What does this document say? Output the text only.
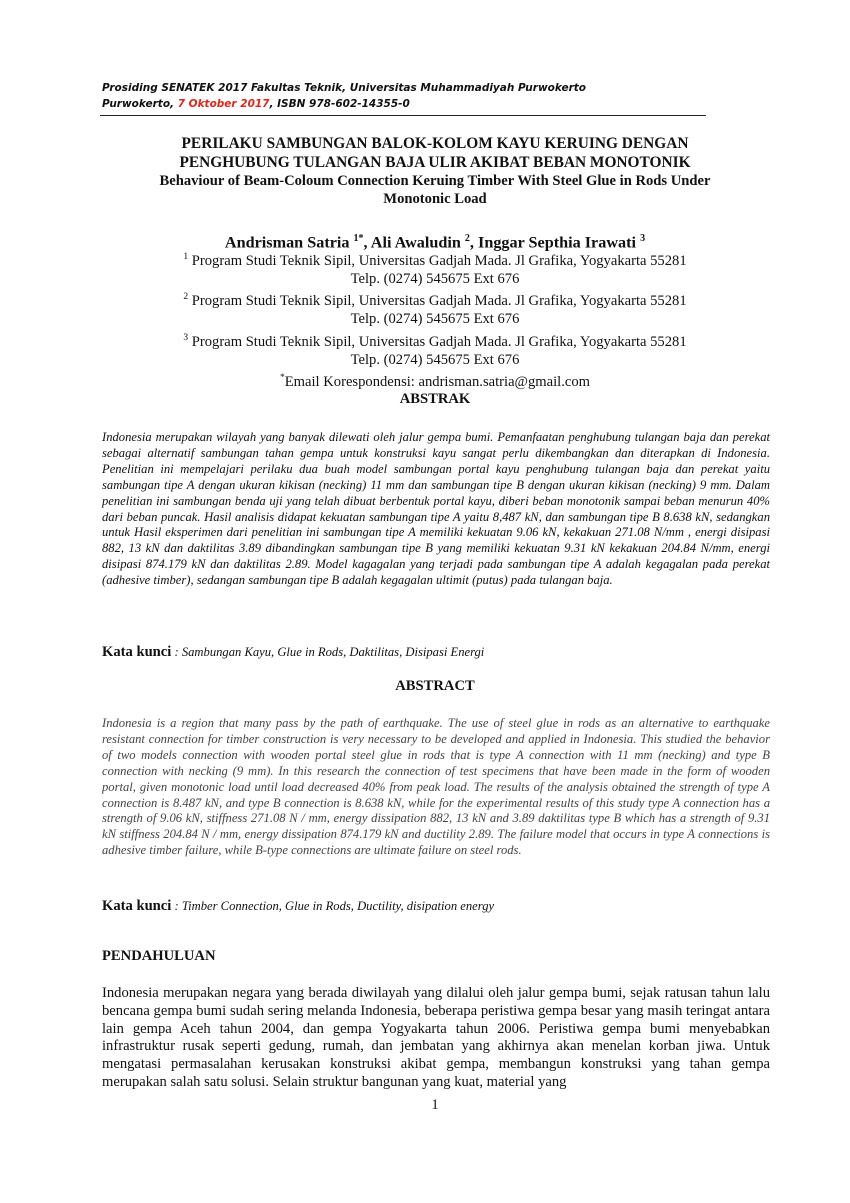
Prosiding SENATEK 2017 Fakultas Teknik, Universitas Muhammadiyah Purwokerto
Purwokerto, 7 Oktober 2017, ISBN 978-602-14355-0

PERILAKU SAMBUNGAN BALOK-KOLOM KAYU KERUING DENGAN

PENGHUBUNG TULANGAN BAJA ULIR AKIBAT BEBAN MONOTONIK

Behaviour of Beam-Coloum Connection Keruing Timber With Steel Glue in Rods Under

Monotonic Load

Andrisman Satria $^{1*}$, Ali Awaludin $^2$, Inggar Septhia Irawati $^3$

$^1$ Program Studi Teknik Sipil, Universitas Gadjah Mada. Jl Grafika, Yogyakarta 55281

Telp. (0274) 545675 Ext 676

$^2$ Program Studi Teknik Sipil, Universitas Gadjah Mada. Jl Grafika, Yogyakarta 55281

Telp. (0274) 545675 Ext 676

$^3$ Program Studi Teknik Sipil, Universitas Gadjah Mada. Jl Grafika, Yogyakarta 55281

Telp. (0274) 545675 Ext 676

*Email Korespondensi: andrisman.satria@gmail.com

ABSTRAK

Indonesia merupakan wilayah yang banyak dilewati oleh jalur gempa bumi. Pemanfaatan penghubung tulangan baja dan perekat sebagai alternatif sambungan tahan gempa untuk konstruksi kayu sangat perlu dikembangkan dan diterapkan di Indonesia. Penelitian ini mempelajari perilaku dua buah model sambungan portal kayu penghubung tulangan baja dan perekat yaitu sambungan tipe A dengan ukuran kikisan (necking) 11 mm dan sambungan tipe B dengan ukuran kikisan (necking) 9 mm. Dalam penelitian ini sambungan benda uji yang telah dibuat berbentuk portal kayu, diberi beban monotonik sampai beban menurun 40% dari beban puncak. Hasil analisis didapat kekuatan sambungan tipe A yaitu 8,487 kN, dan sambungan tipe B 8.638 kN, sedangkan untuk Hasil eksperimen dari penelitian ini sambungan tipe A memiliki kekuatan 9.06 kN, kekakuan 271.08 N/mm , energi disipasi 882, 13 kN dan daktilitas 3.89 dibandingkan sambungan tipe B yang memiliki kekuatan 9.31 kN kekakuan 204.84 N/mm, energi disipasi 874.179 kN dan daktilitas 2.89. Model kagagalan yang terjadi pada sambungan tipe A adalah kegagalan pada perekat (adhesive timber), sedangan sambungan tipe B adalah kegagalan ultimit (putus) pada tulangan baja.

Kata kunci : Sambungan Kayu, Glue in Rods, Daktilitas, Disipasi Energi
ABSTRACT

Indonesia is a region that many pass by the path of earthquake. The use of steel glue in rods as an alternative to earthquake resistant connection for timber construction is very necessary to be developed and applied in Indonesia. This studied the behavior of two models connection with wooden portal steel glue in rods that is type A connection with 11 mm (necking) and type B connection with necking (9 mm). In this research the connection of test specimens that have been made in the form of wooden portal, given monotonic load until load decreased 40% from peak load. The results of the analysis obtained the strength of type A connection is 8.487 kN, and type B connection is 8.638 kN, while for the experimental results of this study type A connection has a strength of 9.06 kN, stiffness 271.08 N / mm, energy dissipation 882, 13 kN and 3.89 daktilitas type B which has a strength of 9.31 kN stiffness 204.84 N / mm, energy dissipation 874.179 kN and ductility 2.89. The failure model that occurs in type A connections is adhesive timber failure, while B-type connections are ultimate failure on steel rods.

Kata kunci : Timber Connection, Glue in Rods, Ductility, disipation energy
PENDAHULUAN

Indonesia merupakan negara yang berada diwilayah yang dilalui oleh jalur gempa bumi, sejak ratusan tahun lalu bencana gempa bumi sudah sering melanda Indonesia, beberapa peristiwa gempa besar yang masih teringat antara lain gempa Aceh tahun 2004, dan gempa Yogyakarta tahun 2006. Peristiwa gempa bumi menyebabkan infrastruktur rusak seperti gedung, rumah, dan jembatan yang akhirnya akan menelan korban jiwa. Untuk mengatasi permasalahan kerusakan konstruksi akibat gempa, membangun konstruksi yang tahan gempa merupakan salah satu solusi. Selain struktur bangunan yang kuat, material yang

1
